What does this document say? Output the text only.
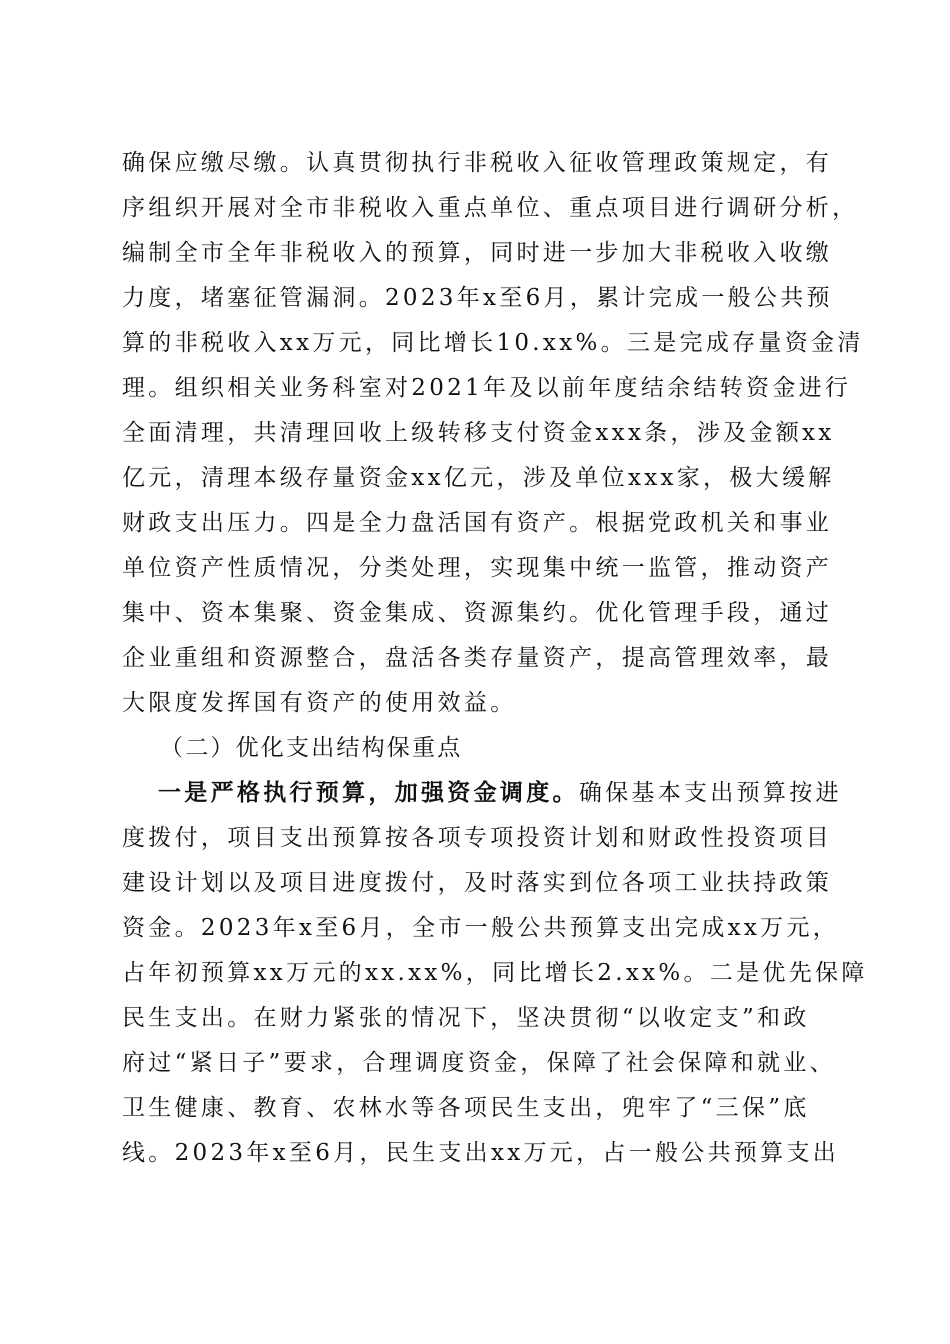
确保应缴尽缴。认真贯彻执行非税收入征收管理政策规定，有
序组织开展对全市非税收入重点单位、重点项目进行调研分析，
编制全市全年非税收入的预算，同时进一步加大非税收入收缴
力度，堵塞征管漏洞。2023年x至6月，累计完成一般公共预
算的非税收入xx万元，同比增长10.xx%。三是完成存量资金清
理。组织相关业务科室对2021年及以前年度结余结转资金进行
全面清理，共清理回收上级转移支付资金xxx条，涉及金额xx
亿元，清理本级存量资金xx亿元，涉及单位xxx家，极大缓解
财政支出压力。四是全力盘活国有资产。根据党政机关和事业
单位资产性质情况，分类处理，实现集中统一监管，推动资产
集中、资本集聚、资金集成、资源集约。优化管理手段，通过
企业重组和资源整合，盘活各类存量资产，提高管理效率，最
大限度发挥国有资产的使用效益。
（二）优化支出结构保重点
一是严格执行预算，加强资金调度。确保基本支出预算按进
度拨付，项目支出预算按各项专项投资计划和财政性投资项目
建设计划以及项目进度拨付，及时落实到位各项工业扶持政策
资金。2023年x至6月，全市一般公共预算支出完成xx万元，
占年初预算xx万元的xx.xx%，同比增长2.xx%。二是优先保障
民生支出。在财力紧张的情况下，坚决贯彻“以收定支”和政
府过“紧日子”要求，合理调度资金，保障了社会保障和就业、
卫生健康、教育、农林水等各项民生支出，兜牢了“三保”底
线。2023年x至6月，民生支出xx万元，占一般公共预算支出
